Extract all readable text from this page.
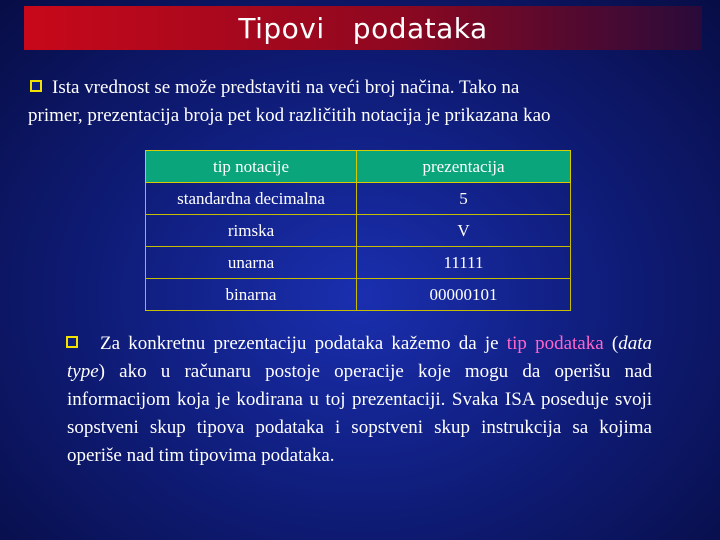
Tipovi   podataka
Ista vrednost se može predstaviti na veći broj načina. Tako na
primer, prezentacija broja pet kod različitih notacija je prikazana kao
tip notacije	prezentacija
standardna decimalna	5
rimska	V
unarna	11111
binarna	00000101
Za konkretnu prezentaciju podataka kažemo da je tip podataka (data type) ako u računaru postoje operacije koje mogu da operišu nad informacijom koja je kodirana u toj prezentaciji. Svaka ISA poseduje svoji sopstveni skup tipova podataka i sopstveni skup instrukcija sa kojima operiše nad tim tipovima podataka.
